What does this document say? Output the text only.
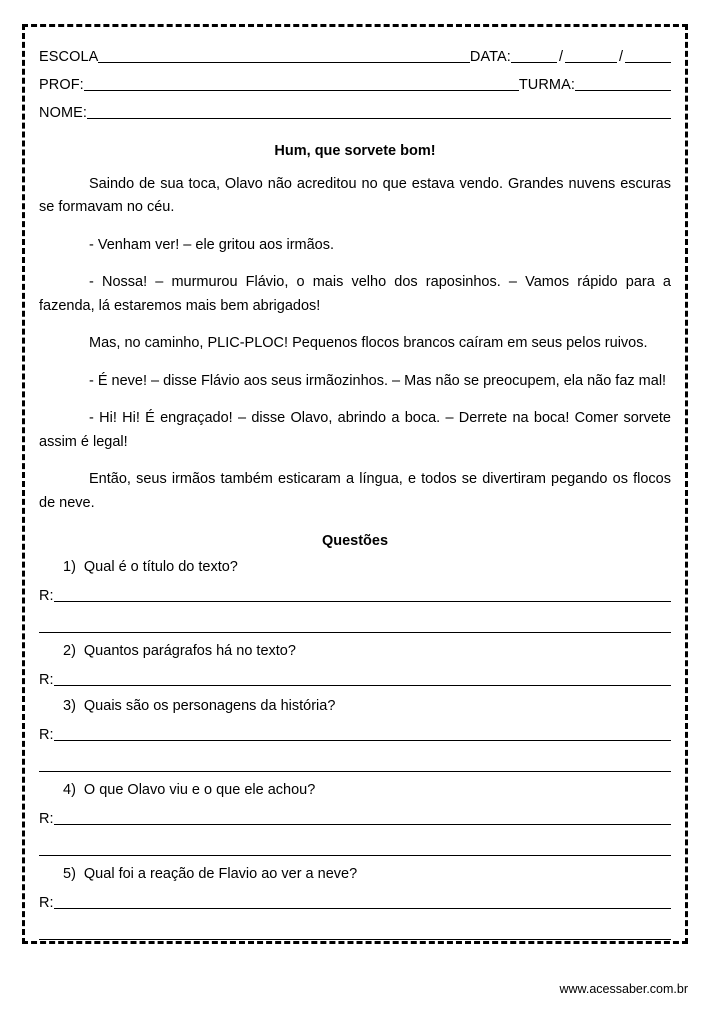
ESCOLA	DATA:	/	/
PROF:	TURMA:
NOME:
Hum, que sorvete bom!

Saindo de sua toca, Olavo não acreditou no que estava vendo. Grandes nuvens escuras se formavam no céu.

- Venham ver! – ele gritou aos irmãos.

- Nossa! – murmurou Flávio, o mais velho dos raposinhos. – Vamos rápido para a fazenda, lá estaremos mais bem abrigados!

Mas, no caminho, PLIC-PLOC! Pequenos flocos brancos caíram em seus pelos ruivos.

- É neve! – disse Flávio aos seus irmãozinhos. – Mas não se preocupem, ela não faz mal!

- Hi! Hi! É engraçado! – disse Olavo, abrindo a boca. – Derrete na boca! Comer sorvete assim é legal!

Então, seus irmãos também esticaram a língua, e todos se divertiram pegando os flocos de neve.

Questões
1) Qual é o título do texto?
R:
2) Quantos parágrafos há no texto?
R:
3) Quais são os personagens da história?
R:
4) O que Olavo viu e o que ele achou?
R:
5) Qual foi a reação de Flavio ao ver a neve?
R:
www.acessaber.com.br
